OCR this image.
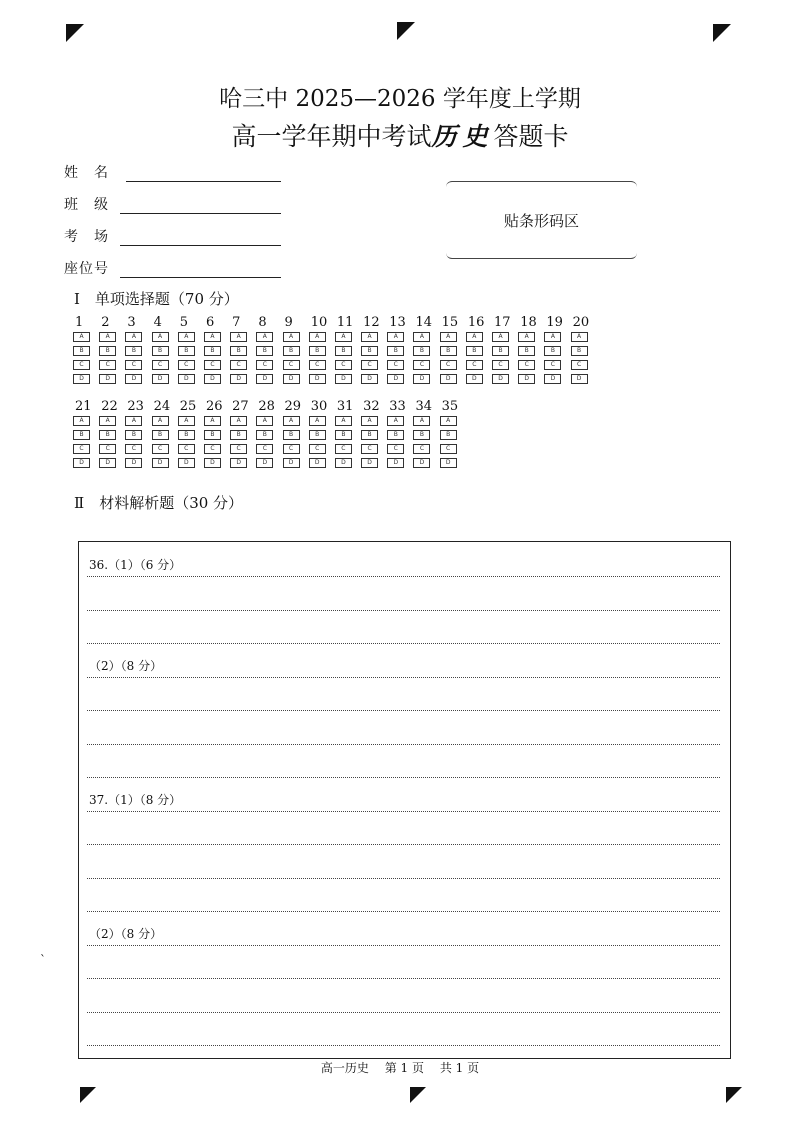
哈三中 2025—2026 学年度上学期
高一学年期中考试历史答题卡
姓　名
班　级
考　场
座位号
贴条形码区
Ⅰ　单项选择题（70 分）
1
A
B
C
D
2
A
B
C
D
3
A
B
C
D
4
A
B
C
D
5
A
B
C
D
6
A
B
C
D
7
A
B
C
D
8
A
B
C
D
9
A
B
C
D
10
A
B
C
D
11
A
B
C
D
12
A
B
C
D
13
A
B
C
D
14
A
B
C
D
15
A
B
C
D
16
A
B
C
D
17
A
B
C
D
18
A
B
C
D
19
A
B
C
D
20
A
B
C
D
21
A
B
C
D
22
A
B
C
D
23
A
B
C
D
24
A
B
C
D
25
A
B
C
D
26
A
B
C
D
27
A
B
C
D
28
A
B
C
D
29
A
B
C
D
30
A
B
C
D
31
A
B
C
D
32
A
B
C
D
33
A
B
C
D
34
A
B
C
D
35
A
B
C
D
Ⅱ　材料解析题（30 分）
36.（1）（6 分）
（2）（8 分）
37.（1）（8 分）
（2）（8 分）
`
高一历史 第 1 页 共 1 页
